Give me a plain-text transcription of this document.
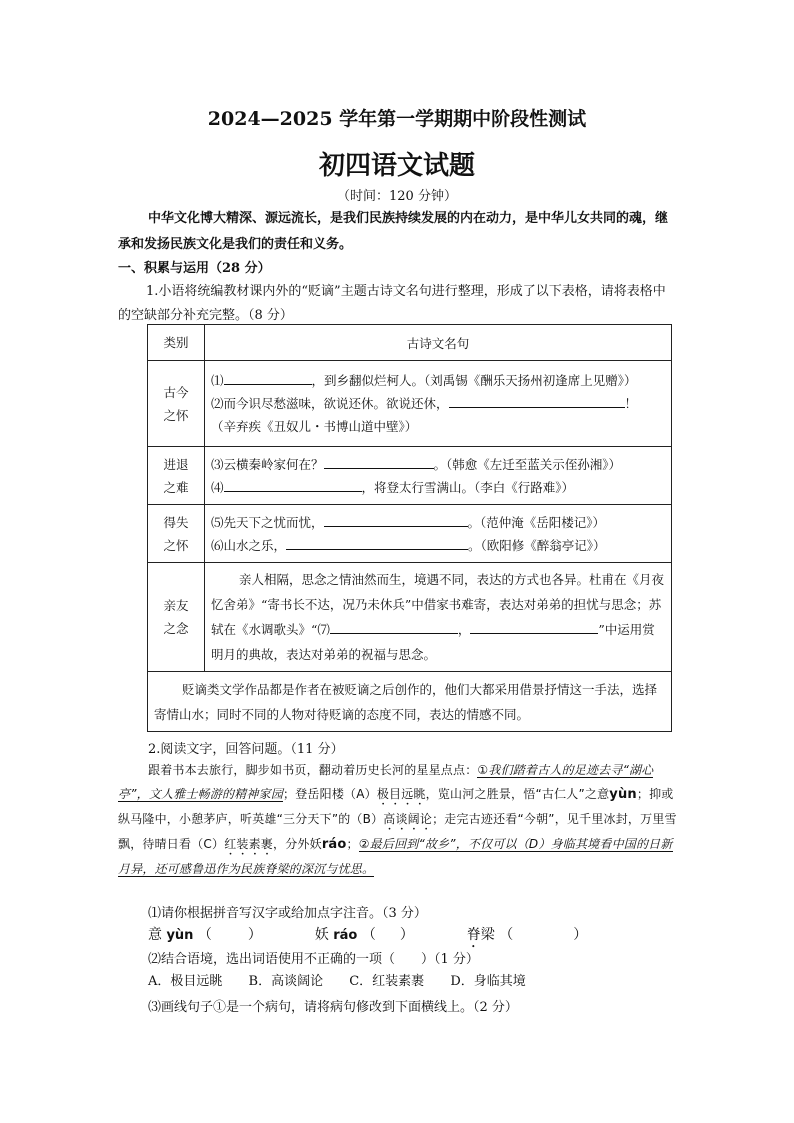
2024—2025 学年第一学期期中阶段性测试
初四语文试题
（时间：120 分钟）
中华文化博大精深、源远流长，是我们民族持续发展的内在动力，是中华儿女共同的魂，继承和发扬民族文化是我们的责任和义务。
一、积累与运用（28 分）
1.小语将统编教材课内外的“贬谪”主题古诗文名句进行整理，形成了以下表格，请将表格中的空缺部分补充完整。（8 分）
类别	古诗文名句

古今之怀	⑴ ，到乡翻似烂柯人。（刘禹锡《酬乐天扬州初逢席上见赠》）
⑵而今识尽愁滋味，欲说还休。欲说还休， ！
（辛弃疾《丑奴儿・书博山道中壁》）

进退之难	⑶云横秦岭家何在？ 。（韩愈《左迁至蓝关示侄孙湘》）
⑷ ，将登太行雪满山。（李白《行路难》）

得失之怀	⑸先天下之忧而忧， 。（范仲淹《岳阳楼记》）
⑹山水之乐， 。（欧阳修《醉翁亭记》）

亲友之念	亲人相隔，思念之情油然而生，境遇不同，表达的方式也各异。杜甫在《月夜忆舍弟》“寄书长不达，况乃未休兵”中借家书难寄，表达对弟弟的担忧与思念；苏轼在《水调歌头》“⑺ ， ”中运用赏明月的典故，表达对弟弟的祝福与思念。

贬谪类文学作品都是作者在被贬谪之后创作的，他们大都采用借景抒情这一手法，选择寄情山水；同时不同的人物对待贬谪的态度不同，表达的情感不同。	
2.阅读文字，回答问题。（11 分）
跟着书本去旅行，脚步如书页，翻动着历史长河的星星点点：①我们踏着古人的足迹去寻“湖心亭”，文人雅士畅游的精神家园；登岳阳楼（A）极目远眺，览山河之胜景，悟“古仁人”之意yùn；抑或纵马隆中，小憩茅庐，听英雄“三分天下”的（B）高谈阔论；走完古迹还看“今朝”，见千里冰封，万里雪飘，待晴日看（C）红装素裹，分外妖ráo；②最后回到“故乡”，不仅可以（D）身临其境看中国的日新月异，还可感鲁迅作为民族脊梁的深沉与忧思。
⑴请你根据拼音写汉字或给加点字注音。（3 分）
意 yùn （	）	妖 ráo （ ）	脊梁 （	）
⑵结合语境，选出词语使用不正确的一项（　　）（1 分）
A．极目远眺 B．高谈阔论 C．红装素裹 D．身临其境
⑶画线句子①是一个病句，请将病句修改到下面横线上。（2 分）
